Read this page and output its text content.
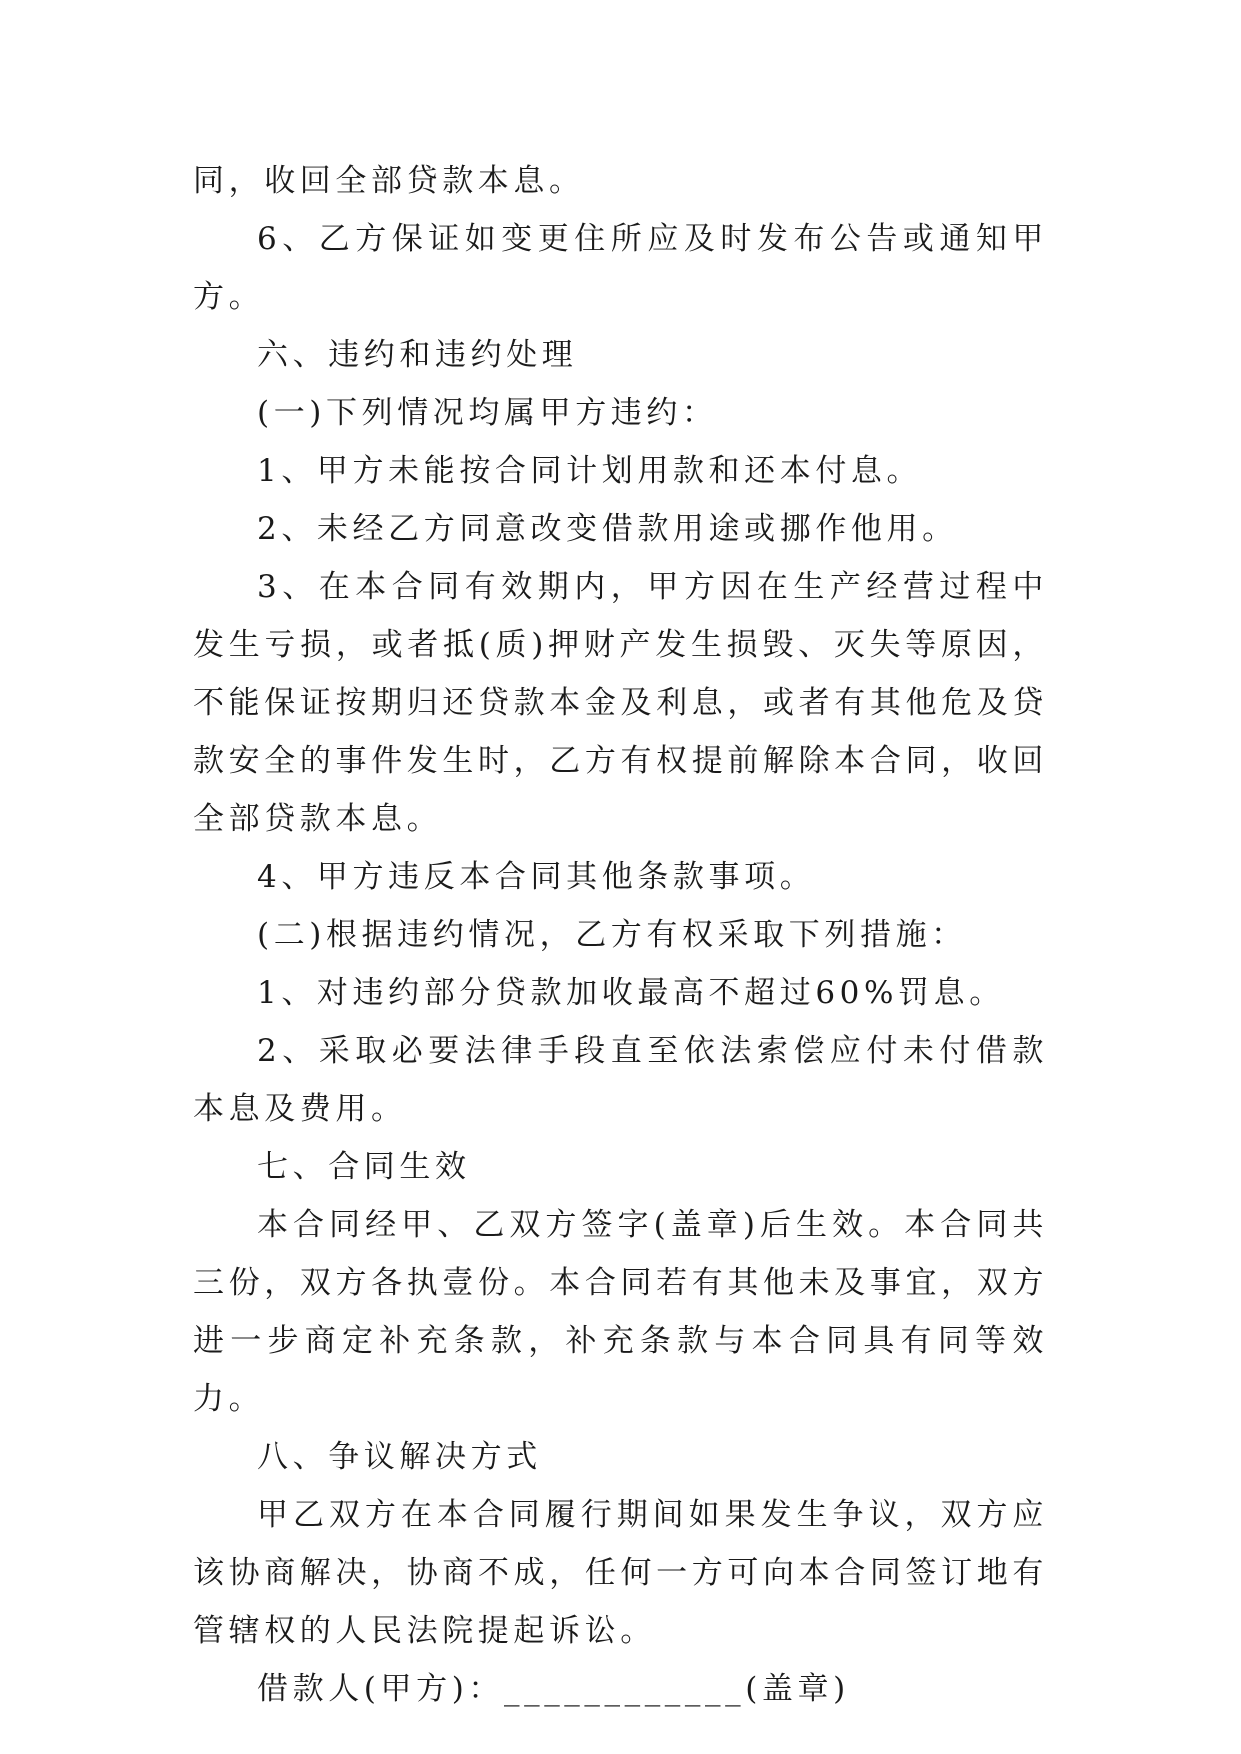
同，收回全部贷款本息。

6、乙方保证如变更住所应及时发布公告或通知甲方。

六、违约和违约处理

(一)下列情况均属甲方违约：

1、甲方未能按合同计划用款和还本付息。

2、未经乙方同意改变借款用途或挪作他用。

3、在本合同有效期内，甲方因在生产经营过程中发生亏损，或者抵(质)押财产发生损毁、灭失等原因，不能保证按期归还贷款本金及利息，或者有其他危及贷款安全的事件发生时，乙方有权提前解除本合同，收回全部贷款本息。

4、甲方违反本合同其他条款事项。

(二)根据违约情况，乙方有权采取下列措施：

1、对违约部分贷款加收最高不超过60%罚息。

2、采取必要法律手段直至依法索偿应付未付借款本息及费用。

七、合同生效

本合同经甲、乙双方签字(盖章)后生效。本合同共三份，双方各执壹份。本合同若有其他未及事宜，双方进一步商定补充条款，补充条款与本合同具有同等效力。

八、争议解决方式

甲乙双方在本合同履行期间如果发生争议，双方应该协商解决，协商不成，任何一方可向本合同签订地有管辖权的人民法院提起诉讼。

借款人(甲方)：____________(盖章)
